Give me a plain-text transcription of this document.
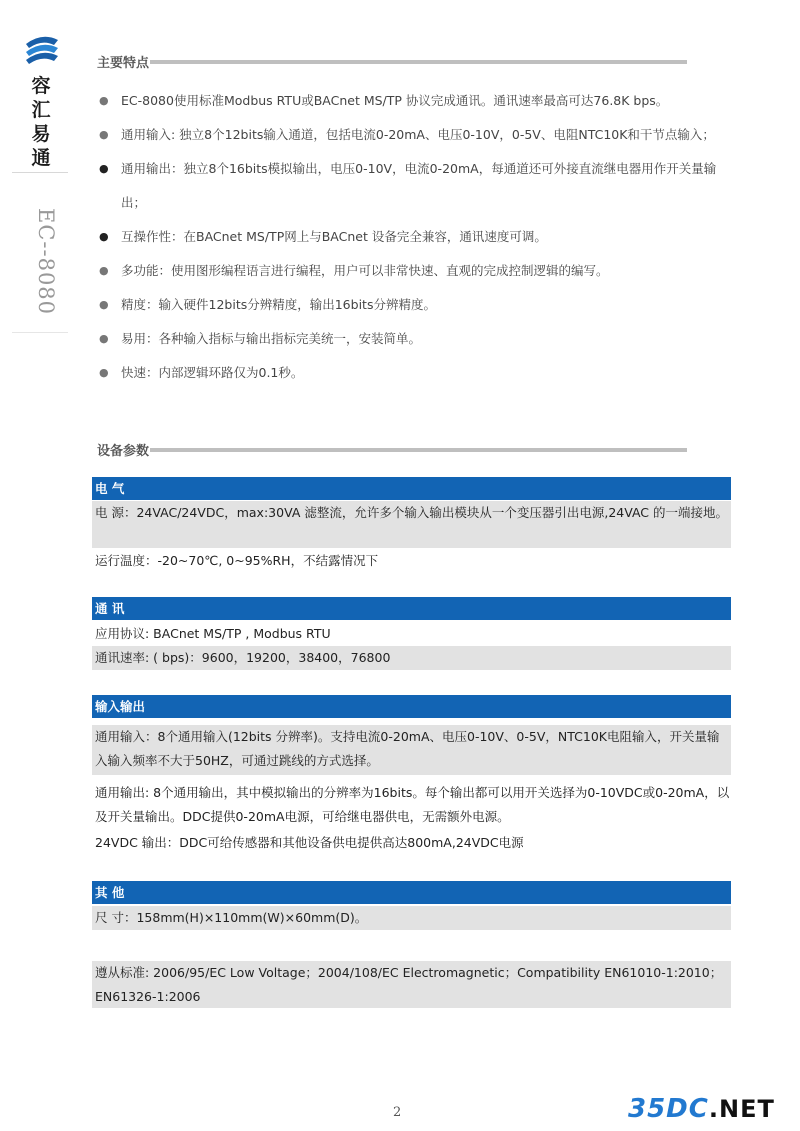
容
汇
易
通
EC--8080
主要特点
● EC-8080使用标准Modbus RTU或BACnet MS/TP 协议完成通讯。通讯速率最高可达76.8K bps。
● 通用输入: 独立8个12bits输入通道，包括电流0-20mA、电压0-10V，0-5V、电阻NTC10K和干节点输入；
● 通用输出：独立8个16bits模拟输出，电压0-10V，电流0-20mA，每通道还可外接直流继电器用作开关量输出；
● 互操作性：在BACnet MS/TP网上与BACnet 设备完全兼容，通讯速度可调。
● 多功能：使用图形编程语言进行编程，用户可以非常快速、直观的完成控制逻辑的编写。
● 精度：输入硬件12bits分辨精度，输出16bits分辨精度。
● 易用：各种输入指标与输出指标完美统一，安装简单。
● 快速：内部逻辑环路仅为0.1秒。
设备参数
电 气
电 源：24VAC/24VDC，max:30VA 滤整流，允许多个输入输出模块从一个变压器引出电源,24VAC 的一端接地。
运行温度：-20~70℃, 0~95%RH，不结露情况下
通 讯
应用协议: BACnet MS/TP , Modbus RTU
通讯速率: ( bps)：9600，19200，38400，76800
输入输出
通用输入：8个通用输入(12bits 分辨率)。支持电流0-20mA、电压0-10V、0-5V，NTC10K电阻输入，开关量输入输入频率不大于50HZ，可通过跳线的方式选择。
通用输出: 8个通用输出，其中模拟输出的分辨率为16bits。每个输出都可以用开关选择为0-10VDC或0-20mA，以及开关量输出。DDC提供0-20mA电源，可给继电器供电，无需额外电源。
24VDC 输出：DDC可给传感器和其他设备供电提供高达800mA,24VDC电源
其 他
尺 寸：158mm(H)×110mm(W)×60mm(D)。
遵从标准: 2006/95/EC Low Voltage；2004/108/EC Electromagnetic；Compatibility EN61010-1:2010；EN61326-1:2006
2	35DC.NET
